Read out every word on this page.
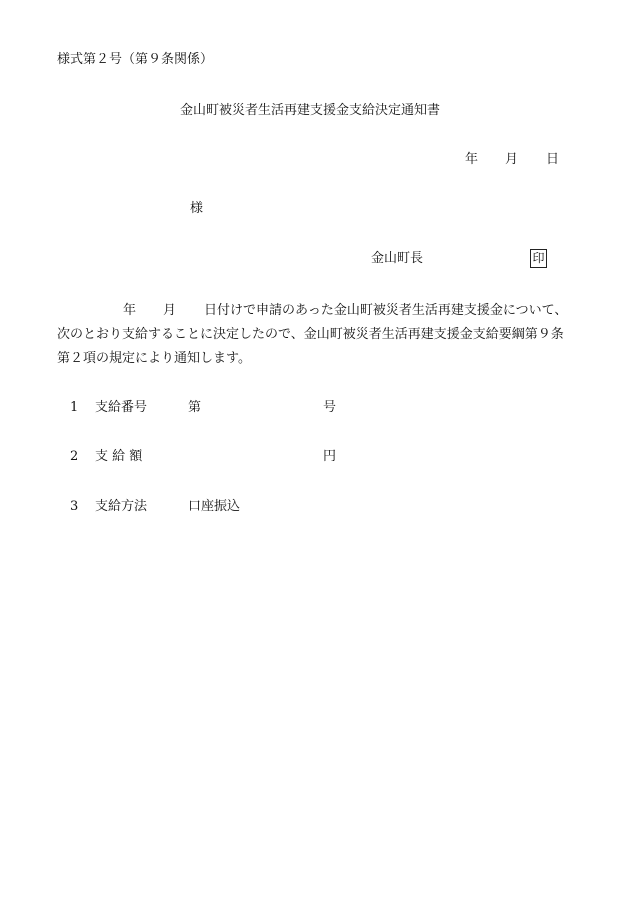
様式第２号（第９条関係）
金山町被災者生活再建支援金支給決定通知書
年 月 日
様
金山町長	印
年 月 日付けで申請のあった金山町被災者生活再建支援金について、
次のとおり支給することに決定したので、金山町被災者生活再建支援金支給要綱第９条
第２項の規定により通知します。
1 支給番号	第	号
2 支 給 額	円
3 支給方法	口座振込
